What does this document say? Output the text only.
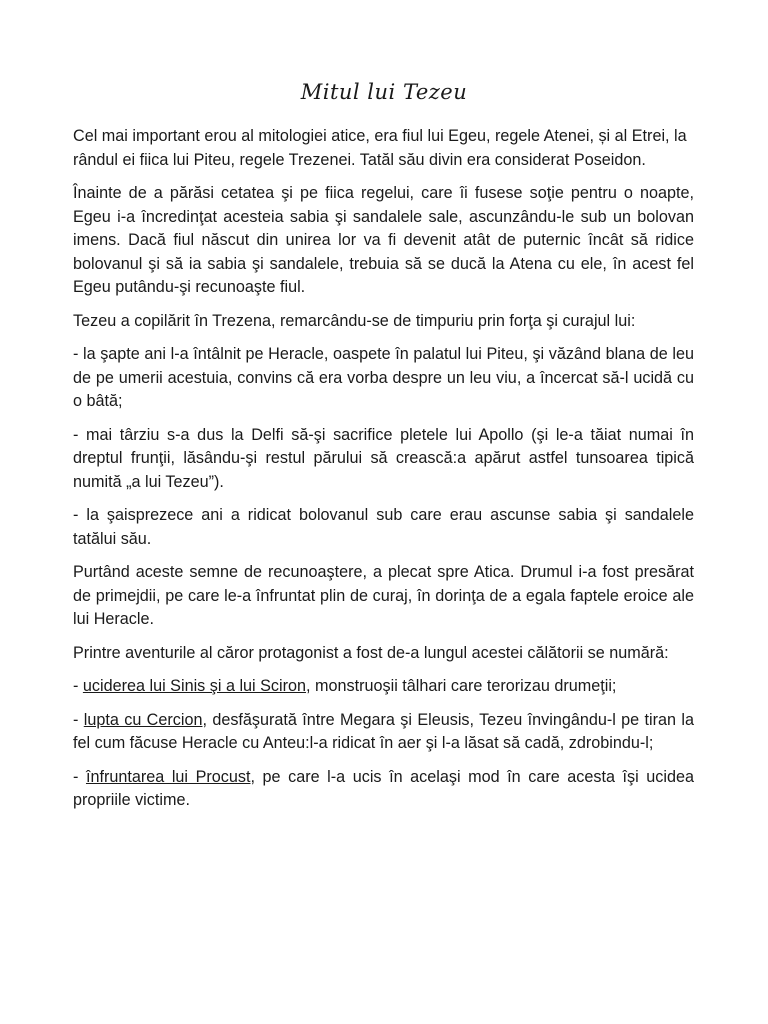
Mitul lui Tezeu

Cel mai important erou al mitologiei atice, era fiul lui Egeu, regele Atenei, și al Etrei, la rândul ei fiica lui Piteu, regele Trezenei. Tatăl său divin era considerat Poseidon.

Înainte de a părăsi cetatea şi pe fiica regelui, care îi fusese soţie pentru o noapte, Egeu i-a încredinţat acesteia sabia şi sandalele sale, ascunzându-le sub un bolovan imens. Dacă fiul născut din unirea lor va fi devenit atât de puternic încât să ridice bolovanul şi să ia sabia şi sandalele, trebuia să se ducă la Atena cu ele, în acest fel Egeu putându-şi recunoaşte fiul.

Tezeu a copilărit în Trezena, remarcându-se de timpuriu prin forţa şi curajul lui:

- la şapte ani l-a întâlnit pe Heracle, oaspete în palatul lui Piteu, şi văzând blana de leu de pe umerii acestuia, convins că era vorba despre un leu viu, a încercat să-l ucidă cu o bâtă;

- mai târziu s-a dus la Delfi să-şi sacrifice pletele lui Apollo (şi le-a tăiat numai în dreptul frunţii, lăsându-şi restul părului să crească:a apărut astfel tunsoarea tipică numită „a lui Tezeu”).

- la şaisprezece ani a ridicat bolovanul sub care erau ascunse sabia şi sandalele tatălui său.

Purtând aceste semne de recunoaştere, a plecat spre Atica. Drumul i-a fost presărat de primejdii, pe care le-a înfruntat plin de curaj, în dorinţa de a egala faptele eroice ale lui Heracle.

Printre aventurile al căror protagonist a fost de-a lungul acestei călătorii se numără:

- uciderea lui Sinis şi a lui Sciron, monstruoşii tâlhari care terorizau drumeţii;

- lupta cu Cercion, desfăşurată între Megara şi Eleusis, Tezeu învingându-l pe tiran la fel cum făcuse Heracle cu Anteu:l-a ridicat în aer şi l-a lăsat să cadă, zdrobindu-l;

- înfruntarea lui Procust, pe care l-a ucis în acelaşi mod în care acesta îşi ucidea propriile victime.
